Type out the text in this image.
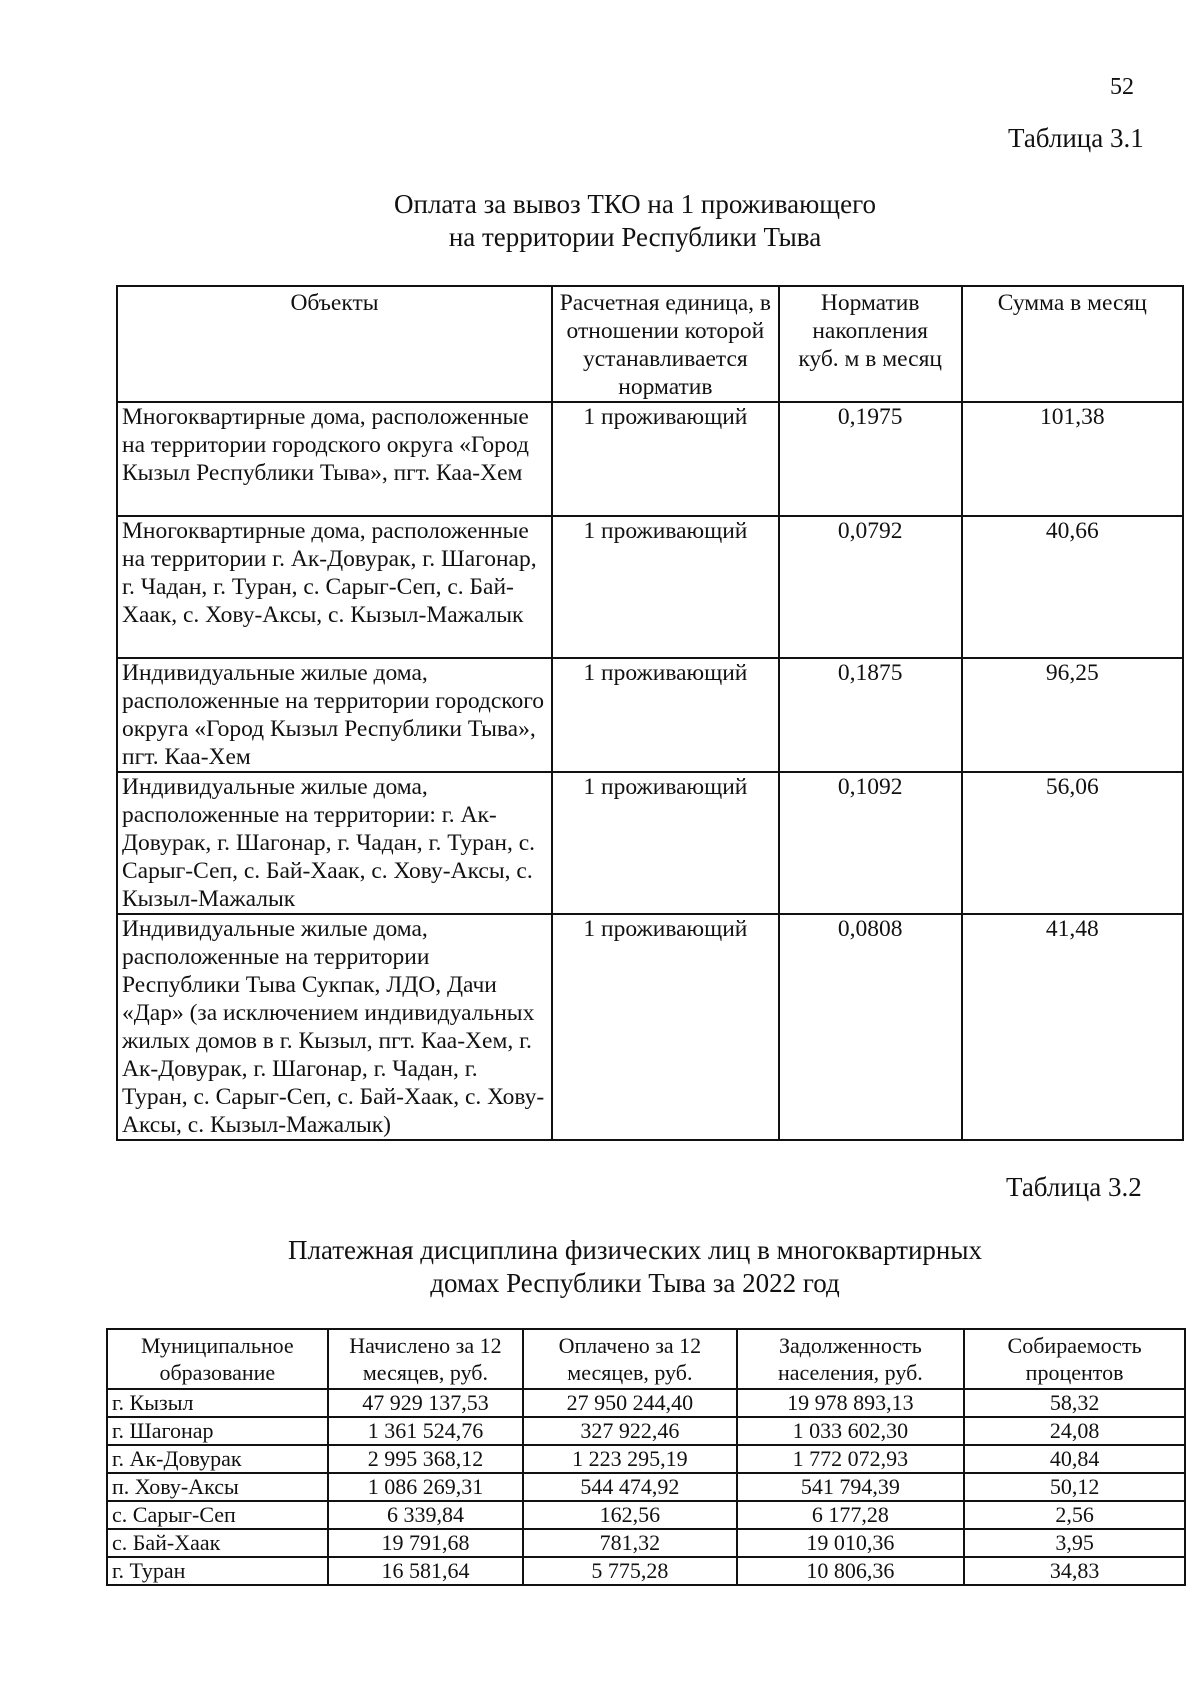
52
Таблица 3.1
Оплата за вывоз ТКО на 1 проживающего
на территории Республики Тыва
Объекты	Расчетная единица, в отношении которой устанавливается норматив	Норматив накопления куб. м в месяц	Сумма в месяц
Многоквартирные дома, расположенные на территории городского округа «Город Кызыл Республики Тыва», пгт. Каа-Хем	1 проживающий	0,1975	101,38
Многоквартирные дома, расположенные на территории г. Ак-Довурак, г. Шагонар, г. Чадан, г. Туран, с. Сарыг-Сеп, с. Бай-Хаак, с. Хову-Аксы, с. Кызыл-Мажалык	1 проживающий	0,0792	40,66
Индивидуальные жилые дома, расположенные на территории городского округа «Город Кызыл Республики Тыва», пгт. Каа-Хем	1 проживающий	0,1875	96,25
Индивидуальные жилые дома, расположенные на территории: г. Ак-Довурак, г. Шагонар, г. Чадан, г. Туран, с. Сарыг-Сеп, с. Бай-Хаак, с. Хову-Аксы, с. Кызыл-Мажалык	1 проживающий	0,1092	56,06
Индивидуальные жилые дома, расположенные на территории Республики Тыва Сукпак, ЛДО, Дачи «Дар» (за исключением индивидуальных жилых домов в г. Кызыл, пгт. Каа-Хем, г. Ак-Довурак, г. Шагонар, г. Чадан, г. Туран, с. Сарыг-Сеп, с. Бай-Хаак, с. Хову-Аксы, с. Кызыл-Мажалык)	1 проживающий	0,0808	41,48
Таблица 3.2
Платежная дисциплина физических лиц в многоквартирных
домах Республики Тыва за 2022 год
Муниципальное образование	Начислено за 12 месяцев, руб.	Оплачено за 12 месяцев, руб.	Задолженность населения, руб.	Собираемость процентов
г. Кызыл	47 929 137,53	27 950 244,40	19 978 893,13	58,32
г. Шагонар	1 361 524,76	327 922,46	1 033 602,30	24,08
г. Ак-Довурак	2 995 368,12	1 223 295,19	1 772 072,93	40,84
п. Хову-Аксы	1 086 269,31	544 474,92	541 794,39	50,12
с. Сарыг-Сеп	6 339,84	162,56	6 177,28	2,56
с. Бай-Хаак	19 791,68	781,32	19 010,36	3,95
г. Туран	16 581,64	5 775,28	10 806,36	34,83
